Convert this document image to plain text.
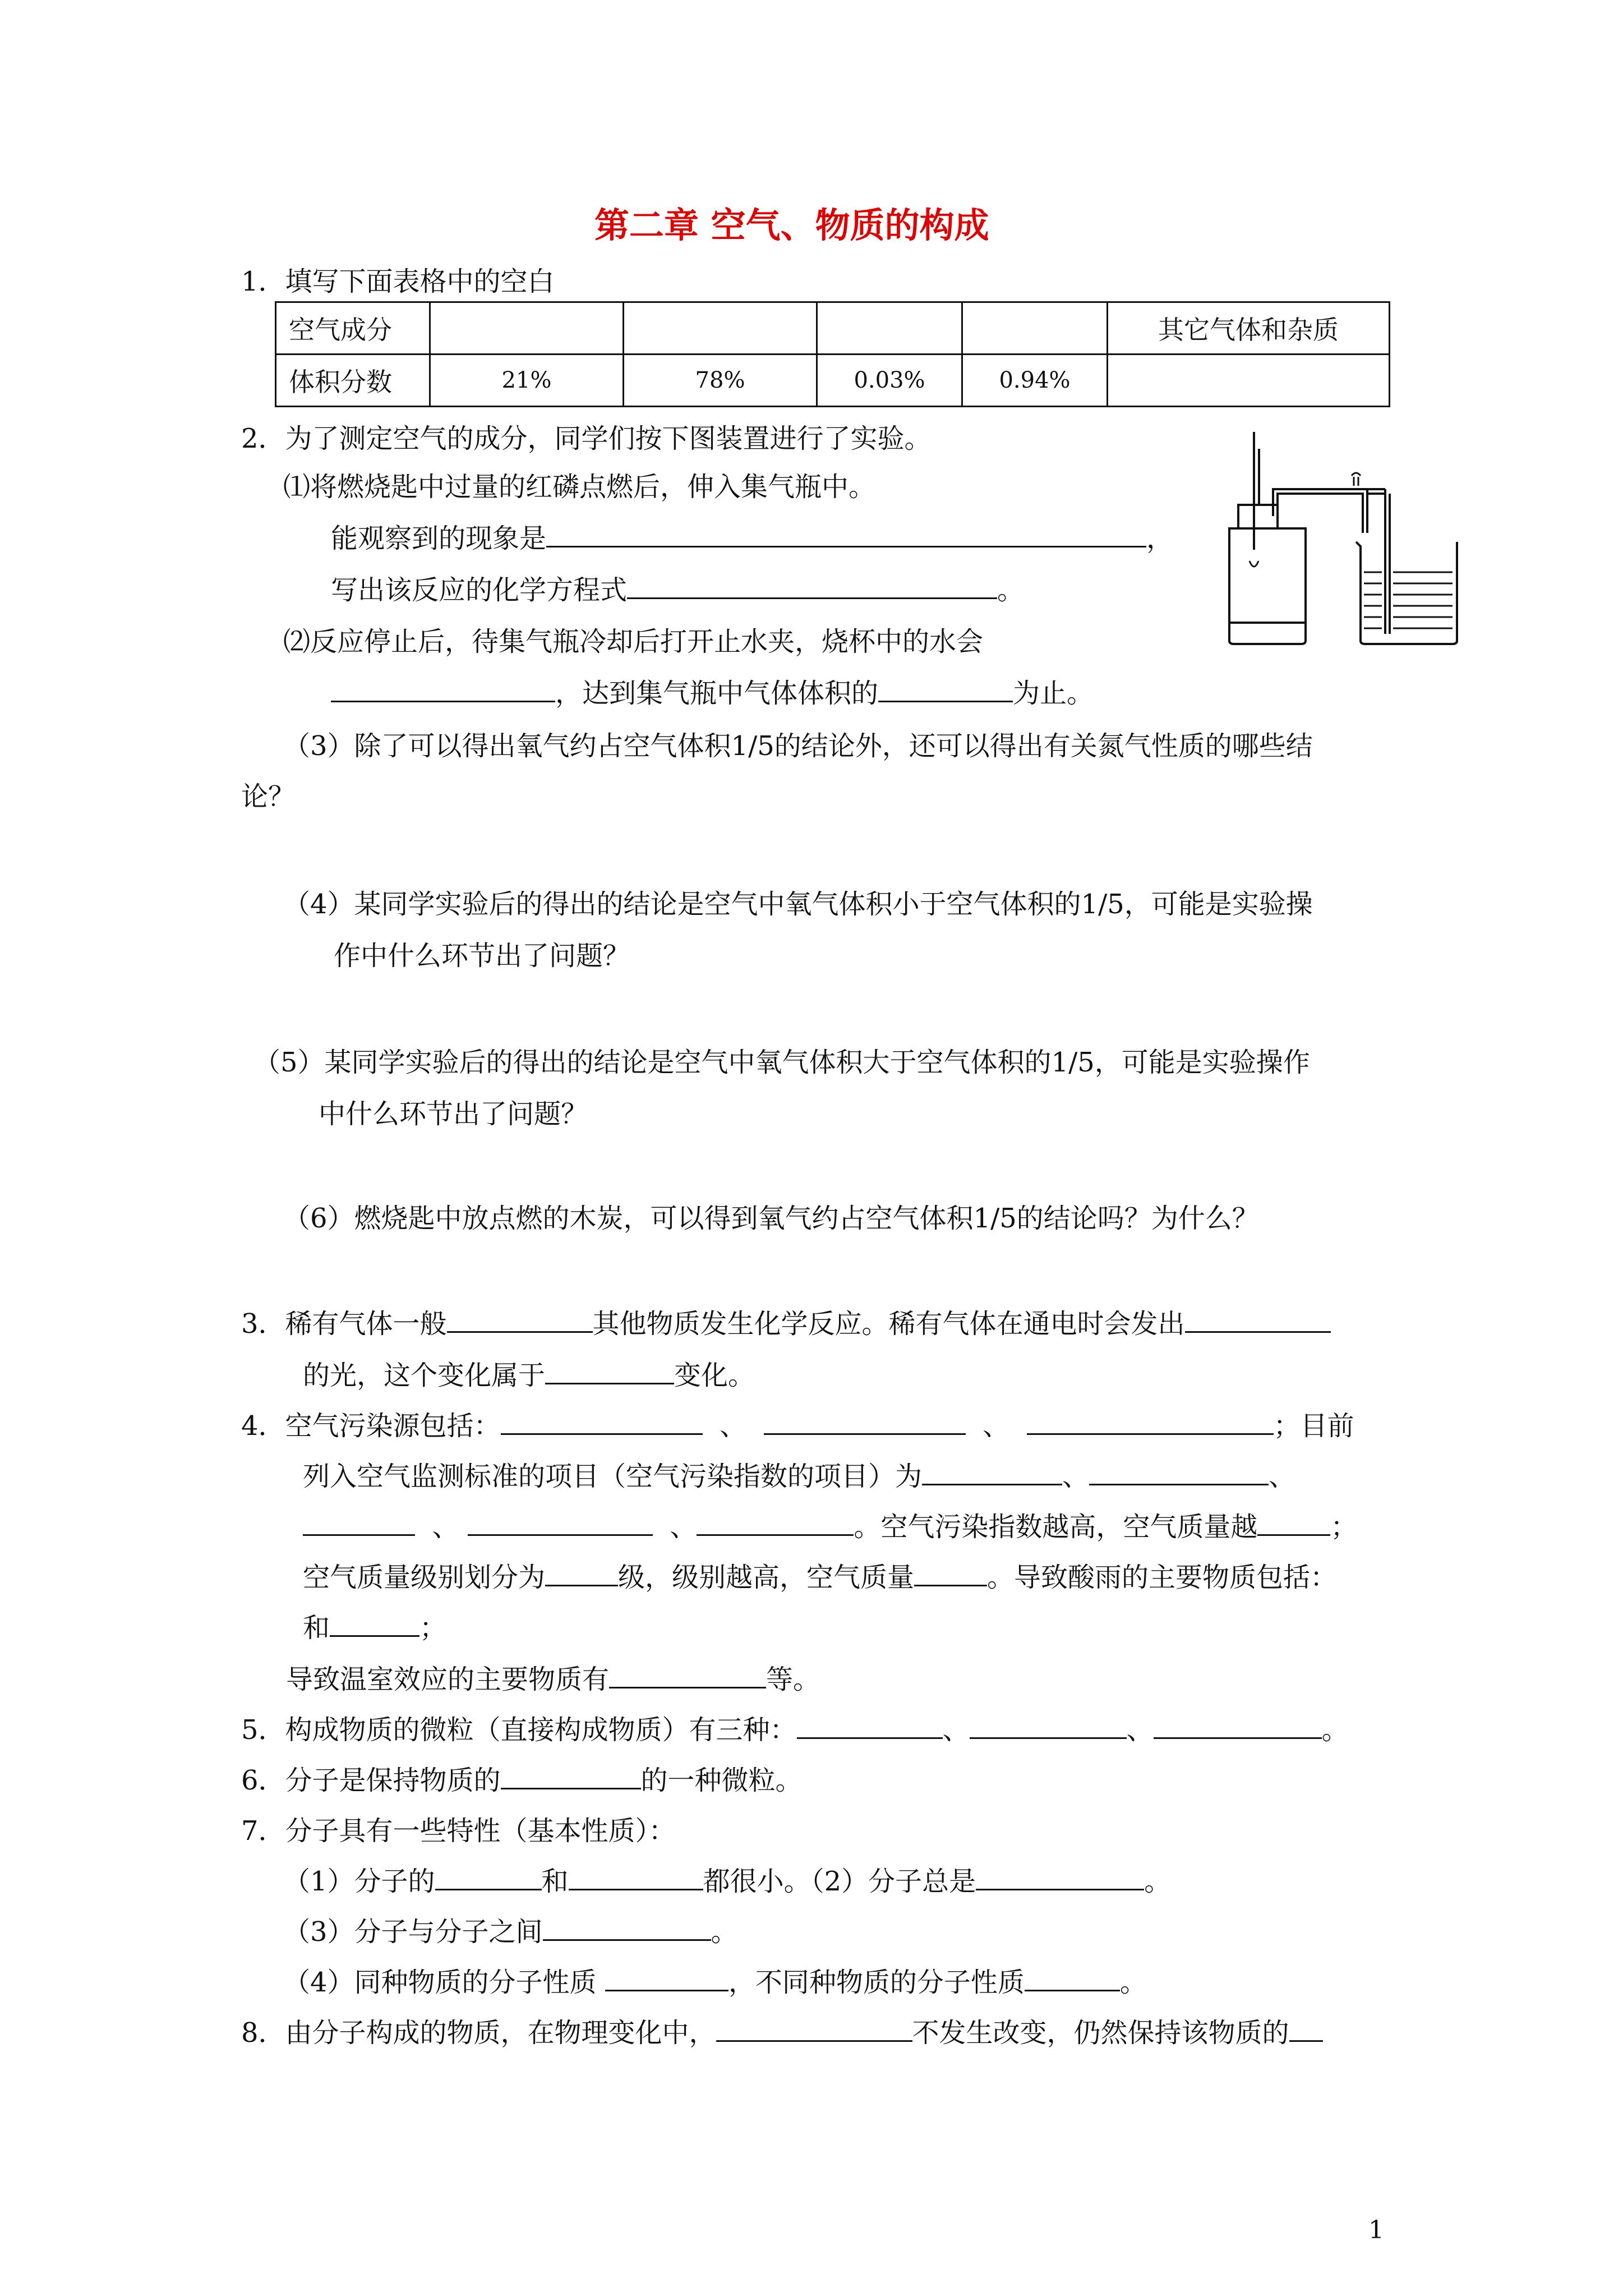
第二章 空气、物质的构成
1．填写下面表格中的空白
空气成分					其它气体和杂质
体积分数	21%	78%	0.03%	0.94%	
2．为了测定空气的成分，同学们按下图装置进行了实验。
⑴将燃烧匙中过量的红磷点燃后，伸入集气瓶中。
能观察到的现象是	，
写出该反应的化学方程式	。
⑵反应停止后，待集气瓶冷却后打开止水夹，烧杯中的水会
，达到集气瓶中气体体积的	为止。
（3）除了可以得出氧气约占空气体积1/5的结论外，还可以得出有关氮气性质的哪些结
论？
（4）某同学实验后的得出的结论是空气中氧气体积小于空气体积的1/5，可能是实验操
作中什么环节出了问题？
（5）某同学实验后的得出的结论是空气中氧气体积大于空气体积的1/5，可能是实验操作
中什么环节出了问题？
（6）燃烧匙中放点燃的木炭，可以得到氧气约占空气体积1/5的结论吗？为什么？
3．稀有气体一般	其他物质发生化学反应。稀有气体在通电时会发出
的光，这个变化属于	变化。
4．空气污染源包括：	、	、	；目前
列入空气监测标准的项目（空气污染指数的项目）为	、	、
、	、	。空气污染指数越高，空气质量越	；
空气质量级别划分为	级，级别越高，空气质量	。导致酸雨的主要物质包括：
和	；
导致温室效应的主要物质有	等。
5．构成物质的微粒（直接构成物质）有三种：	、	、	。
6．分子是保持物质的	的一种微粒。
7．分子具有一些特性（基本性质）：
（1）分子的	和	都很小。（2）分子总是	。
（3）分子与分子之间	。
（4）同种物质的分子性质	，不同种物质的分子性质	。
8．由分子构成的物质，在物理变化中，	不发生改变，仍然保持该物质的
1
